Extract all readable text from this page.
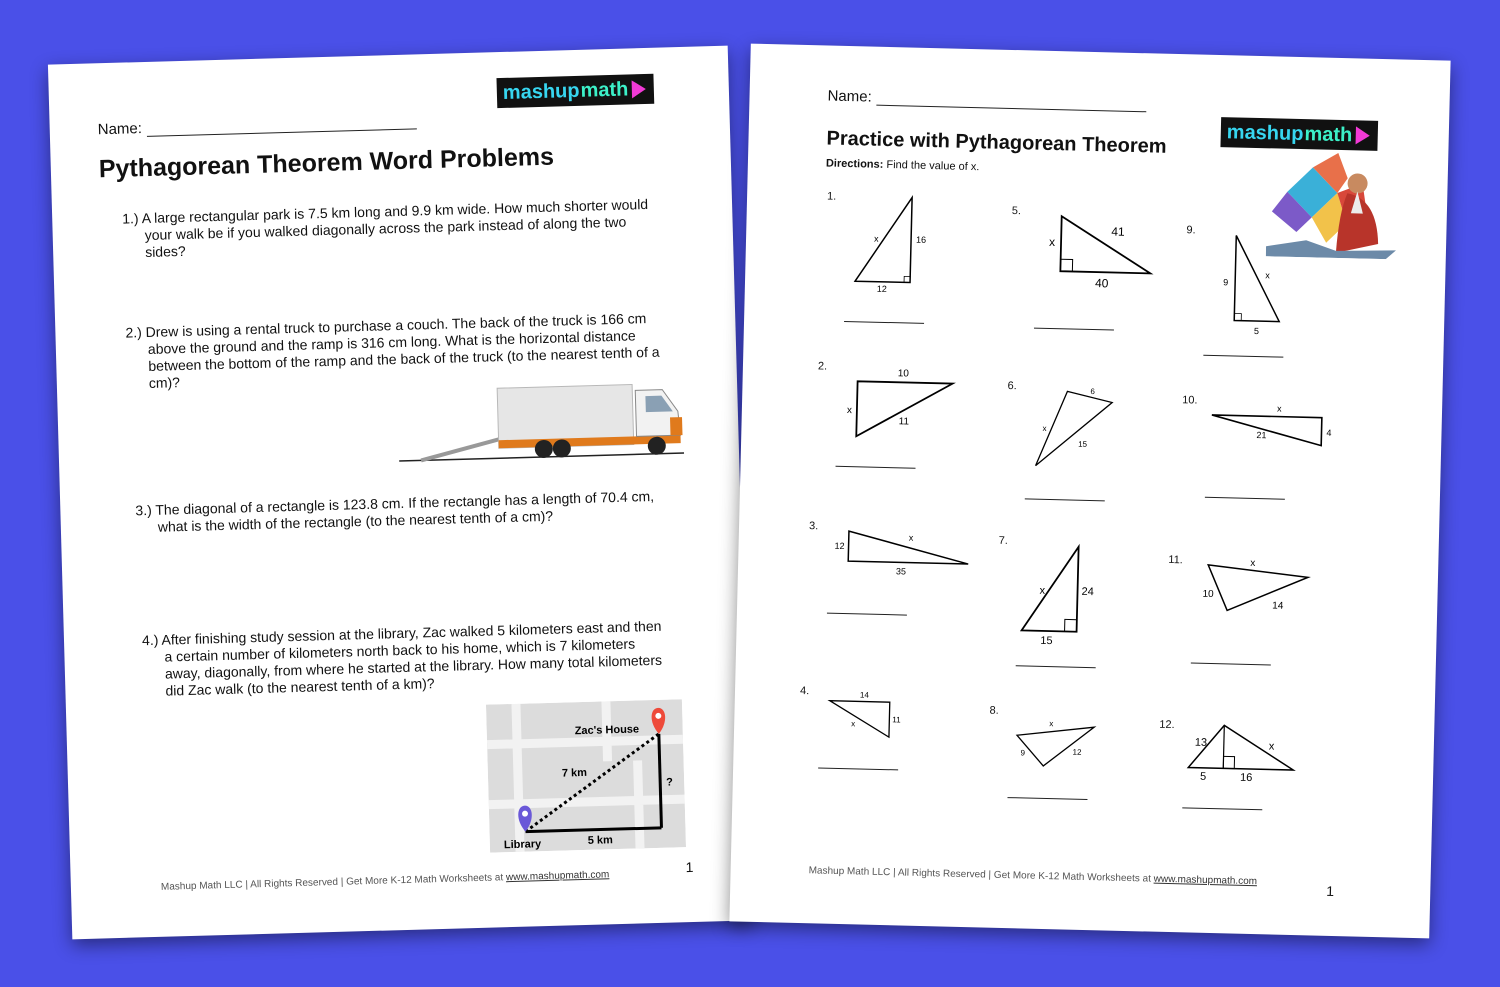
Name:
mashup math
Pythagorean Theorem Word Problems
1.) A large rectangular park is 7.5 km long and 9.9 km wide. How much shorter would your walk be if you walked diagonally across the park instead of along the two sides?
2.) Drew is using a rental truck to purchase a couch. The back of the truck is 166 cm above the ground and the ramp is 316 cm long. What is the horizontal distance between the bottom of the ramp and the back of the truck (to the nearest tenth of a cm)?
3.) The diagonal of a rectangle is 123.8 cm. If the rectangle has a length of 70.4 cm, what is the width of the rectangle (to the nearest tenth of a cm)?
4.) After finishing study session at the library, Zac walked 5 kilometers east and then a certain number of kilometers north back to his home, which is 7 kilometers away, diagonally, from where he started at the library. How many total kilometers did Zac walk (to the nearest tenth of a km)?
Zac's House
7 km
5 km
?
Library
Mashup Math LLC | All Rights Reserved | Get More K-12 Math Worksheets at www.mashupmath.com
1
Name:
mashup math
Practice with Pythagorean Theorem
Directions: Find the value of x.
1.
x	16
12
2.
10
x
11
3.
12
x
35
4.	14
x	11
5.
41
x
40
6.	6
x
15
7.
x	24
15
8.
x
9	12
9.
9
x
5
10.
x
21	4
11.	x
10
14
12.
13	x
5	16
Mashup Math LLC | All Rights Reserved | Get More K-12 Math Worksheets at www.mashupmath.com
1
